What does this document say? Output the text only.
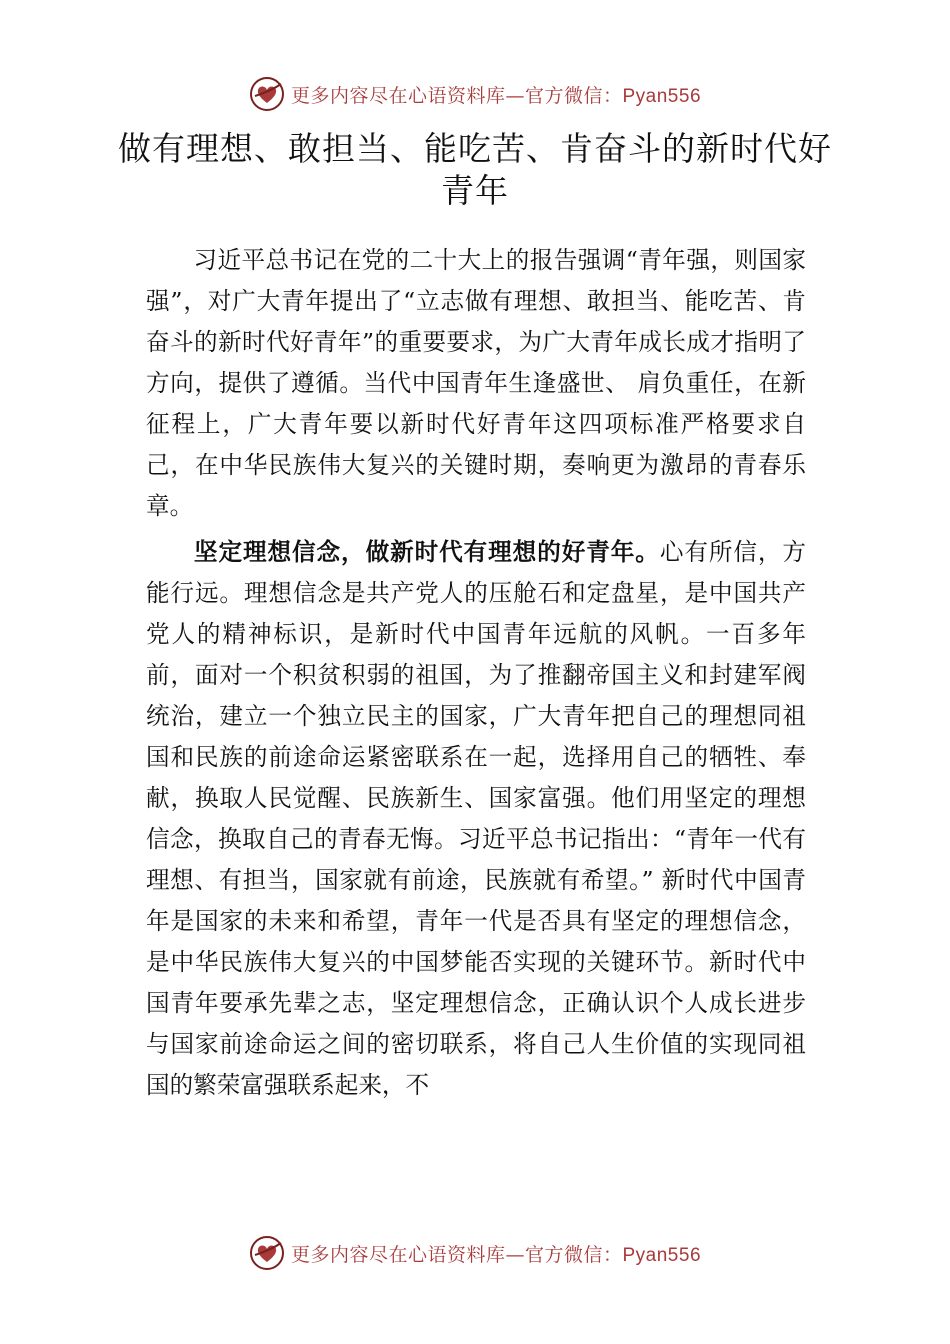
更多内容尽在心语资料库—官方微信：Pyan556
做有理想、敢担当、能吃苦、肯奋斗的新时代好青年

习近平总书记在党的二十大上的报告强调“青年强，则国家强”，对广大青年提出了“立志做有理想、敢担当、能吃苦、肯奋斗的新时代好青年”的重要要求，为广大青年成长成才指明了方向，提供了遵循。当代中国青年生逢盛世、 肩负重任，在新征程上，广大青年要以新时代好青年这四项标准严格要求自己，在中华民族伟大复兴的关键时期，奏响更为激昂的青春乐章。

坚定理想信念，做新时代有理想的好青年。心有所信，方能行远。理想信念是共产党人的压舱石和定盘星，是中国共产党人的精神标识，是新时代中国青年远航的风帆。一百多年前，面对一个积贫积弱的祖国，为了推翻帝国主义和封建军阀统治，建立一个独立民主的国家，广大青年把自己的理想同祖国和民族的前途命运紧密联系在一起，选择用自己的牺牲、奉献，换取人民觉醒、民族新生、国家富强。他们用坚定的理想信念，换取自己的青春无悔。习近平总书记指出：“青年一代有理想、有担当，国家就有前途，民族就有希望。” 新时代中国青年是国家的未来和希望，青年一代是否具有坚定的理想信念，是中华民族伟大复兴的中国梦能否实现的关键环节。新时代中国青年要承先辈之志，坚定理想信念，正确认识个人成长进步与国家前途命运之间的密切联系，将自己人生价值的实现同祖国的繁荣富强联系起来，不

更多内容尽在心语资料库—官方微信：Pyan556
